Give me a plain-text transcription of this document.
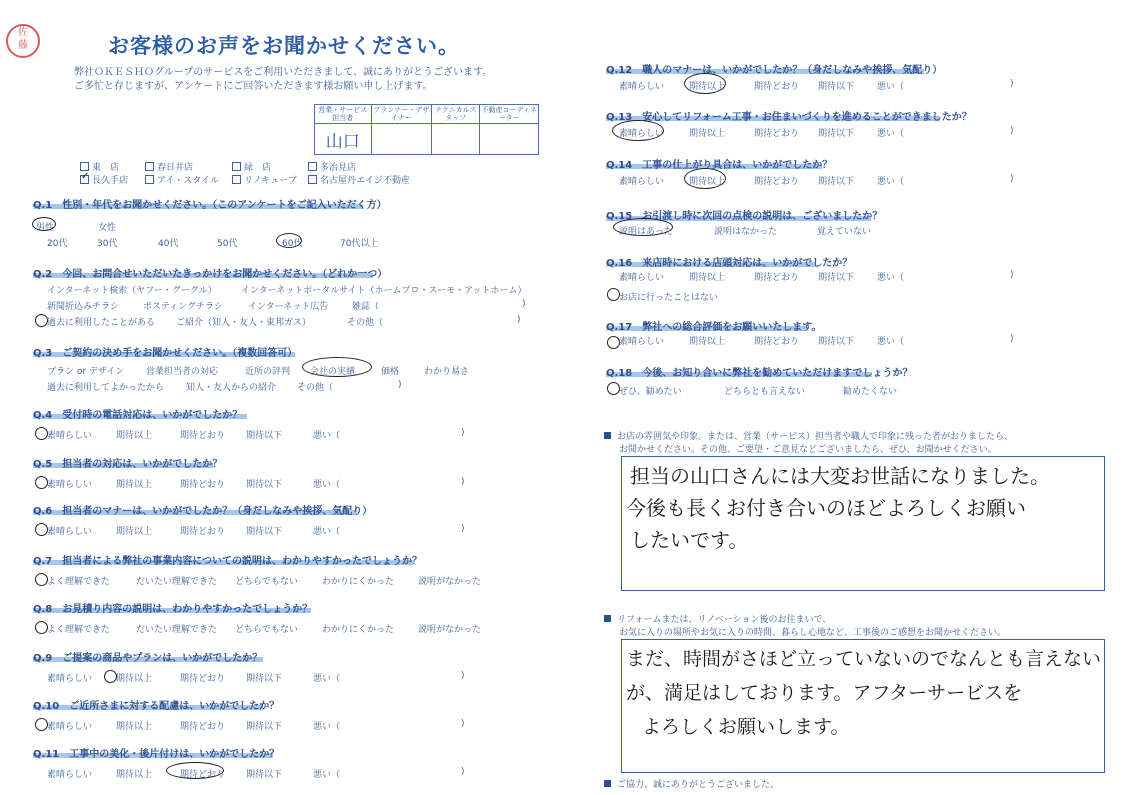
佐
藤	お客様のお声をお聞かせください。
弊社ＯＫＥＳＨＯグループのサービスをご利用いただきまして、誠にありがとうございます。
ご多忙と存じますが、アンケートにご回答いただきます様お願い申し上げます。
営業・サービス担当者	プランナー・デザイナー	テクニカルスタッフ	不動産コーディネーター
山口			
東　店	春日井店	緑　店	多治見店
✓ 長久手店	アイ・スタイル	リノキューブ	名古屋丹エイジ不動産
Q.1　性別・年代をお聞かせください。（このアンケートをご記入いただく方）
男性	女性
20代	30代	40代	50代	60代	70代以上
Q.2　今回、お問合せいただいたきっかけをお聞かせください。（どれか一つ）
インターネット検索（ヤフー・グーグル）	インターネットポータルサイト（ホームプロ・スーモ・アットホーム）
新聞折込みチラシ	ポスティングチラシ	インターネット広告	雑誌（	)
過去に利用したことがある ご紹介（知人・友人・東邦ガス）	その他（	)
Q.3　ご契約の決め手をお聞かせください。（複数回答可）
プラン or デザイン 営業担当者の対応	近所の評判 会社の実績	価格	わかり易さ
過去に利用してよかったから 知人・友人からの紹介 その他（	)
Q.4　受付時の電話対応は、いかがでしたか？
素晴らしい	期待以上	期待どおり 期待以下	悪い（	)
Q.5　担当者の対応は、いかがでしたか？
素晴らしい	期待以上	期待どおり 期待以下	悪い（	)
Q.6　担当者のマナーは、いかがでしたか？（身だしなみや挨拶、気配り）
素晴らしい	期待以上	期待どおり 期待以下	悪い（	)
Q.7　担当者による弊社の事業内容についての説明は、わかりやすかったでしょうか？
よく理解できた	だいたい理解できた どちらでもない	わかりにくかった	説明がなかった
Q.8　お見積り内容の説明は、わかりやすかったでしょうか？
よく理解できた	だいたい理解できた どちらでもない	わかりにくかった	説明がなかった
Q.9　ご提案の商品やプランは、いかがでしたか？
素晴らしい	期待以上	期待どおり 期待以下	悪い（	)
Q.10　ご近所さまに対する配慮は、いかがでしたか？
素晴らしい	期待以上	期待どおり 期待以下	悪い（	)
Q.11　工事中の美化・後片付けは、いかがでしたか？
素晴らしい	期待以上	期待どおり 期待以下	悪い（	)
Q.12　職人のマナーは、いかがでしたか？（身だしなみや挨拶、気配り）
素晴らしい	期待以上	期待どおり 期待以下	悪い（	)
Q.13　安心してリフォーム工事・お住まいづくりを進めることができましたか？
素晴らしい	期待以上	期待どおり 期待以下	悪い（	)
Q.14　工事の仕上がり具合は、いかがでしたか？
素晴らしい	期待以上	期待どおり 期待以下	悪い（	)
Q.15　お引渡し時に次回の点検の説明は、ございましたか？
説明はあった	説明はなかった	覚えていない
Q.16　来店時における店頭対応は、いかがでしたか？
素晴らしい	期待以上	期待どおり 期待以下	悪い（	)
お店に行ったことはない
Q.17　弊社への総合評価をお願いいたします。
素晴らしい	期待以上	期待どおり 期待以下	悪い（	)
Q.18　今後、お知り合いに弊社を勧めていただけますでしょうか？
ぜひ、勧めたい	どちらとも言えない	勧めたくない
お店の雰囲気や印象。または、営業（サービス）担当者や職人で印象に残った者がおりましたら、
お聞かせください。その他、ご要望・ご意見などございましたら、ぜひ、お聞かせください。
担当の山口さんには大変お世話になりました。
今後も長くお付き合いのほどよろしくお願い
したいです。
リフォームまたは、リノベーション後のお住まいで、
お気に入りの場所やお気に入りの時間、暮らし心地など、工事後のご感想をお聞かせください。
まだ、時間がさほど立っていないのでなんとも言えない
が、満足はしております。アフターサービスを
よろしくお願いします。
ご協力、誠にありがとうございました。
